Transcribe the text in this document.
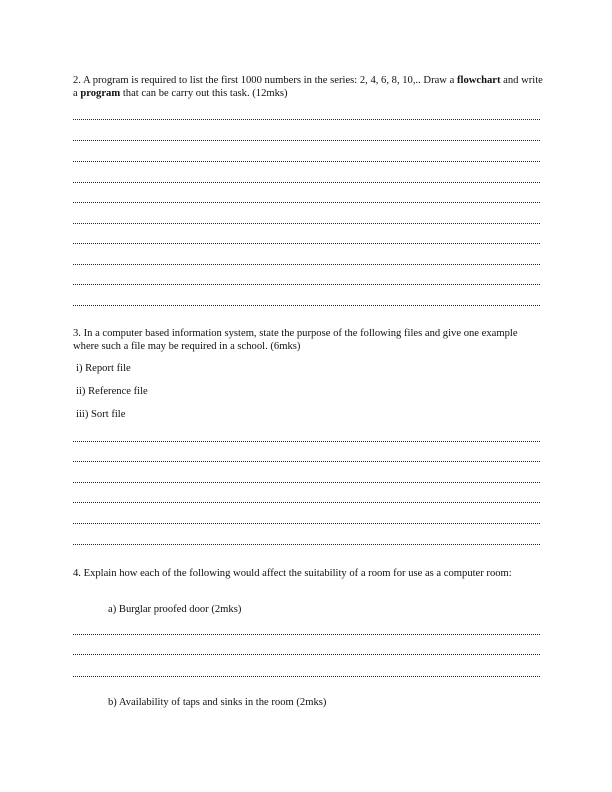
2. A program is required to list the first 1000 numbers in the series: 2, 4, 6, 8, 10,.. Draw a flowchart and write a program that can be carry out this task. (12mks)
3. In a computer based information system, state the purpose of the following files and give one example where such a file may be required in a school. (6mks)
i) Report file
ii) Reference file
iii) Sort file
4. Explain how each of the following would affect the suitability of a room for use as a computer room:
a) Burglar proofed door (2mks)
b) Availability of taps and sinks in the room (2mks)
